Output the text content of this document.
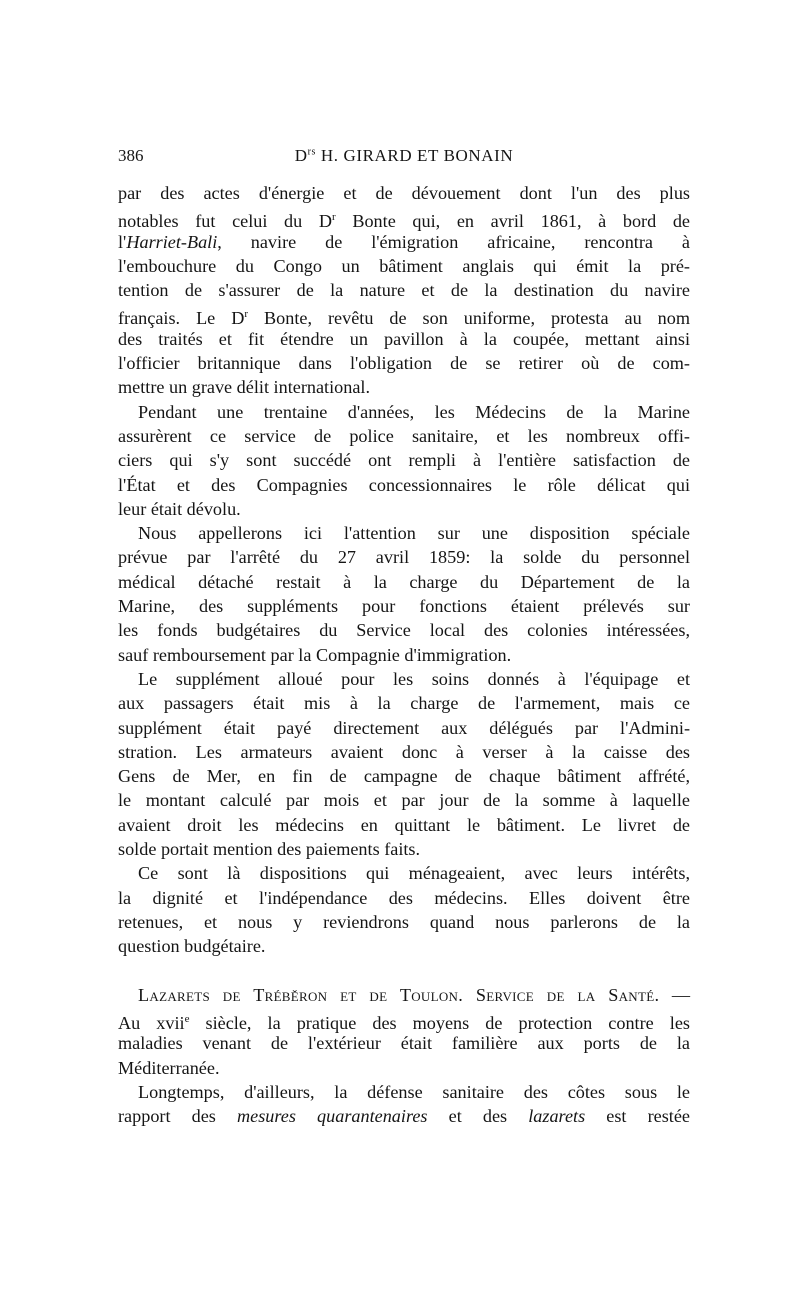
386	$D^{rs}$ H. GIRARD ET BONAIN
par des actes d'énergie et de dévouement dont l'un des plus
notables fut celui du $D^r$ Bonte qui, en avril 1861, à bord de
l'Harriet-Bali, navire de l'émigration africaine, rencontra à
l'embouchure du Congo un bâtiment anglais qui émit la pré-
tention de s'assurer de la nature et de la destination du navire
français. Le $D^r$ Bonte, revêtu de son uniforme, protesta au nom
des traités et fit étendre un pavillon à la coupée, mettant ainsi
l'officier britannique dans l'obligation de se retirer où de com-
mettre un grave délit international.
Pendant une trentaine d'années, les Médecins de la Marine
assurèrent ce service de police sanitaire, et les nombreux offi-
ciers qui s'y sont succédé ont rempli à l'entière satisfaction de
l'État et des Compagnies concessionnaires le rôle délicat qui
leur était dévolu.
Nous appellerons ici l'attention sur une disposition spéciale
prévue par l'arrêté du 27 avril 1859: la solde du personnel
médical détaché restait à la charge du Département de la
Marine, des suppléments pour fonctions étaient prélevés sur
les fonds budgétaires du Service local des colonies intéressées,
sauf remboursement par la Compagnie d'immigration.
Le supplément alloué pour les soins donnés à l'équipage et
aux passagers était mis à la charge de l'armement, mais ce
supplément était payé directement aux délégués par l'Admini-
stration. Les armateurs avaient donc à verser à la caisse des
Gens de Mer, en fin de campagne de chaque bâtiment affrété,
le montant calculé par mois et par jour de la somme à laquelle
avaient droit les médecins en quittant le bâtiment. Le livret de
solde portait mention des paiements faits.
Ce sont là dispositions qui ménageaient, avec leurs intérêts,
la dignité et l'indépendance des médecins. Elles doivent être
retenues, et nous y reviendrons quand nous parlerons de la
question budgétaire.
Lazarets de Tréběron et de Toulon. Service de la Santé. —
Au xvii$^e$ siècle, la pratique des moyens de protection contre les
maladies venant de l'extérieur était familière aux ports de la
Méditerranée.
Longtemps, d'ailleurs, la défense sanitaire des côtes sous le
rapport des mesures quarantenaires et des lazarets est restée
